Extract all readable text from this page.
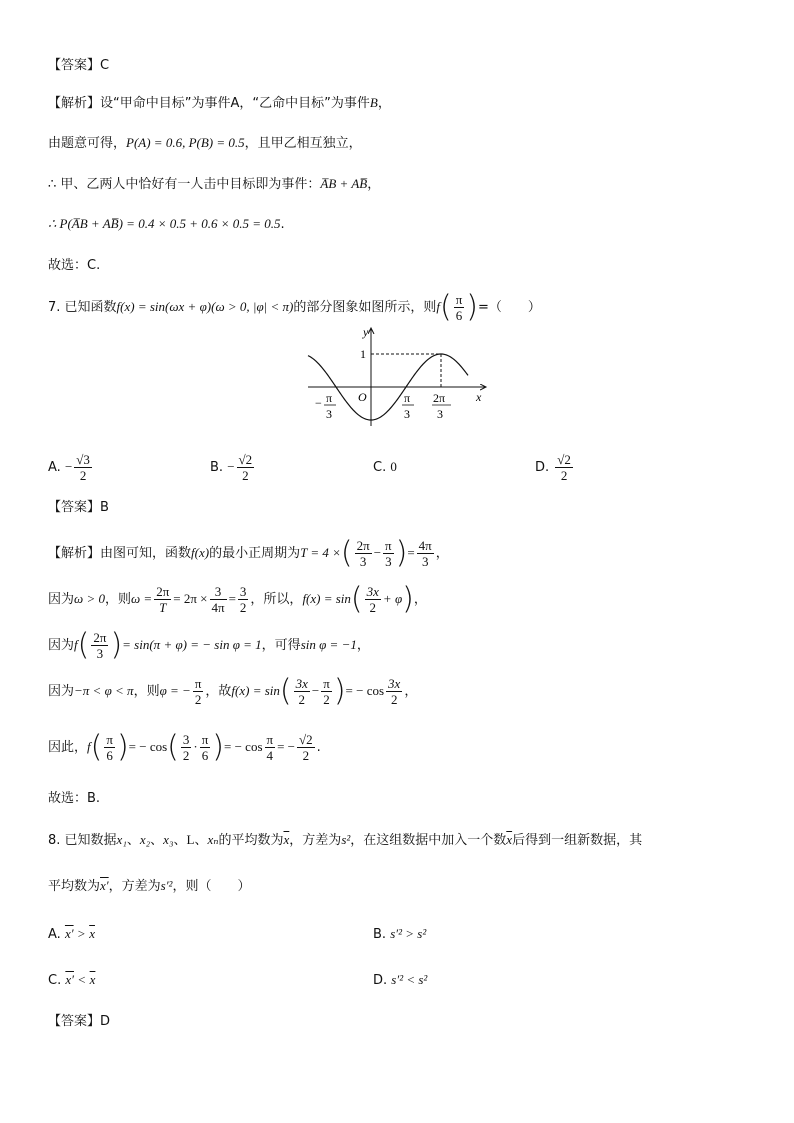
【答案】C
【解析】设“甲命中目标”为事件A，“乙命中目标”为事件B，
由题意可得，P(A) = 0.6, P(B) = 0.5，且甲乙相互独立，
∴ 甲、乙两人中恰好有一人击中目标即为事件：A̅B + AB̅，
∴ P(A̅B + AB̅) = 0.4 × 0.5 + 0.6 × 0.5 = 0.5.
故选：C.
7. 已知函数f(x) = sin(ωx + φ)(ω > 0, |φ| < π)的部分图象如图所示，则$f( \frac{\pi}{6}$ )=（　　）
y
x
O
1
− π
3
π
3
2π
3
A. − $\frac{√3}{2}$	B. − $\frac{√2}{2}$	C. 0	D. $\frac{√2}{2}$
【答案】B
【解析】由图可知，函数f(x)的最小正周期为T = 4 ×( $\frac{2\pi}{3} - \frac{\pi}{3}$ )= $\frac{4\pi}{3}$ ，
因为ω > 0，则$\omega = \frac{2\pi}{T} = 2\pi \times \frac{3}{4\pi} = \frac{3}{2}$ ，所以，$f(x) = \sin( \frac{3x}{2} + \varphi)$，
因为$f( \frac{2\pi}{3}$ )= sin(π + φ) = − sin φ = 1，可得sin φ = −1，
因为−π < φ < π，则φ = − $\frac{\pi}{2}$ ，故$f(x) = \sin( \frac{3x}{2} - \frac{\pi}{2}$ )= − $\cos \frac{3x}{2}$ ，
因此，$f( \frac{\pi}{6}$ )= − $\cos( \frac{3}{2} \cdot \frac{\pi}{6}$ )= − $\cos \frac{\pi}{4}$ = − $\frac{√2}{2}$ .
故选：B.
8. 已知数据x₁、x₂、x₃、L、xₙ的平均数为$\overline{x}$，方差为s²，在这组数据中加入一个数$\overline{x}$后得到一组新数据，其
平均数为x′，方差为s′²，则（　　）
A. $x' > \overline{x}$	B. s′² > s²
C. $x' < \overline{x}$	D. s′² < s²
【答案】D
